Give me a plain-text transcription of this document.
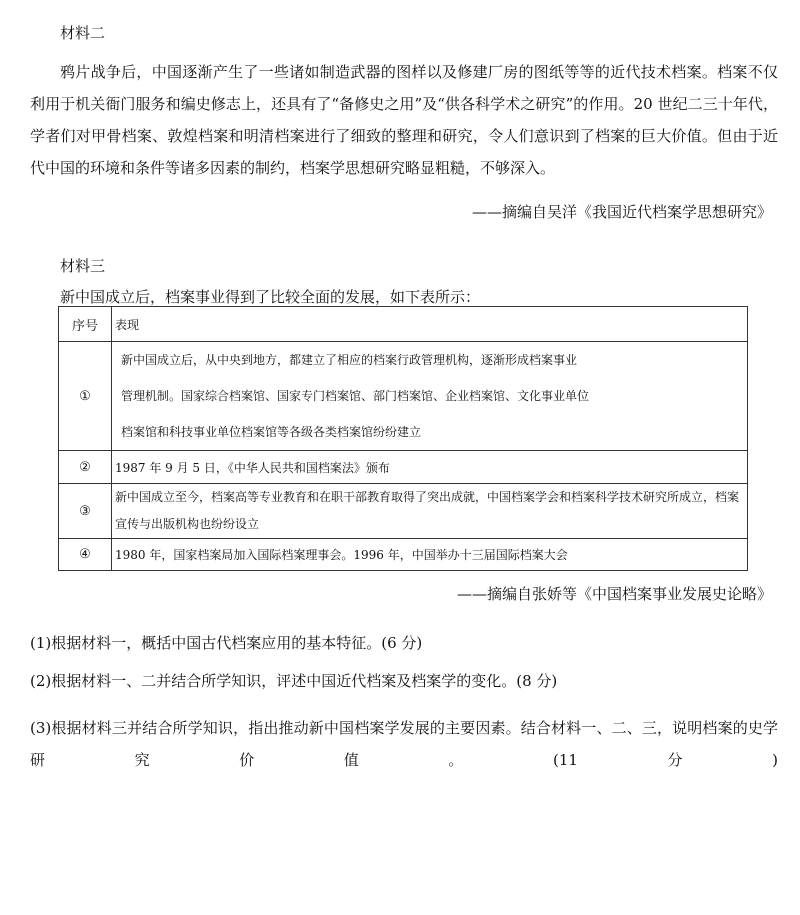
材料二
鸦片战争后，中国逐渐产生了一些诸如制造武器的图样以及修建厂房的图纸等等的近代技术档案。档案不仅利用于机关衙门服务和编史修志上，还具有了“备修史之用”及“供各科学术之研究”的作用。20 世纪二三十年代，学者们对甲骨档案、敦煌档案和明清档案进行了细致的整理和研究，令人们意识到了档案的巨大价值。但由于近代中国的环境和条件等诸多因素的制约，档案学思想研究略显粗糙，不够深入。
——摘编自吴洋《我国近代档案学思想研究》
材料三
新中国成立后，档案事业得到了比较全面的发展，如下表所示：
序号	表现
①	新中国成立后，从中央到地方，都建立了相应的档案行政管理机构，逐渐形成档案事业
管理机制。国家综合档案馆、国家专门档案馆、部门档案馆、企业档案馆、文化事业单位
档案馆和科技事业单位档案馆等各级各类档案馆纷纷建立

②	1987 年 9 月 5 日，《中华人民共和国档案法》颁布
③	新中国成立至今，档案高等专业教育和在职干部教育取得了突出成就，中国档案学会和档案科学技术研究所成立，档案宣传与出版机构也纷纷设立
④	1980 年，国家档案局加入国际档案理事会。1996 年，中国举办十三届国际档案大会
——摘编自张娇等《中国档案事业发展史论略》
(1)根据材料一，概括中国古代档案应用的基本特征。(6 分)
(2)根据材料一、二并结合所学知识，评述中国近代档案及档案学的变化。(8 分)
(3)根据材料三并结合所学知识，指出推动新中国档案学发展的主要因素。结合材料一、二、三，说明档案的史学研究价值。(11分)
